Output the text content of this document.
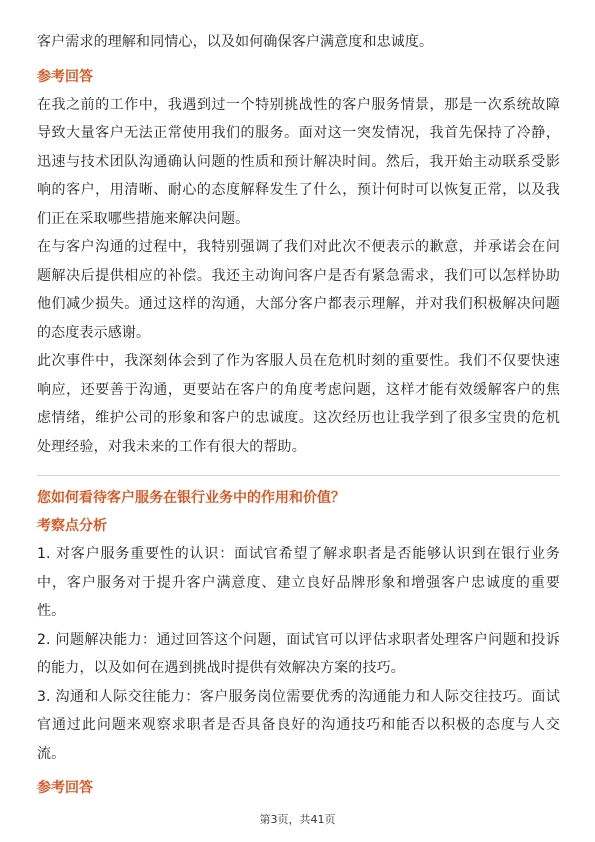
客户需求的理解和同情心，以及如何确保客户满意度和忠诚度。
参考回答
在我之前的工作中，我遇到过一个特别挑战性的客户服务情景，那是一次系统故障导致大量客户无法正常使用我们的服务。面对这一突发情况，我首先保持了冷静，迅速与技术团队沟通确认问题的性质和预计解决时间。然后，我开始主动联系受影响的客户，用清晰、耐心的态度解释发生了什么，预计何时可以恢复正常，以及我们正在采取哪些措施来解决问题。
在与客户沟通的过程中，我特别强调了我们对此次不便表示的歉意，并承诺会在问题解决后提供相应的补偿。我还主动询问客户是否有紧急需求，我们可以怎样协助他们减少损失。通过这样的沟通，大部分客户都表示理解，并对我们积极解决问题的态度表示感谢。
此次事件中，我深刻体会到了作为客服人员在危机时刻的重要性。我们不仅要快速响应，还要善于沟通，更要站在客户的角度考虑问题，这样才能有效缓解客户的焦虑情绪，维护公司的形象和客户的忠诚度。这次经历也让我学到了很多宝贵的危机处理经验，对我未来的工作有很大的帮助。
您如何看待客户服务在银行业务中的作用和价值？
考察点分析
1. 对客户服务重要性的认识：面试官希望了解求职者是否能够认识到在银行业务中，客户服务对于提升客户满意度、建立良好品牌形象和增强客户忠诚度的重要性。
2. 问题解决能力：通过回答这个问题，面试官可以评估求职者处理客户问题和投诉的能力，以及如何在遇到挑战时提供有效解决方案的技巧。
3. 沟通和人际交往能力：客户服务岗位需要优秀的沟通能力和人际交往技巧。面试官通过此问题来观察求职者是否具备良好的沟通技巧和能否以积极的态度与人交流。
参考回答
第3页，共41页
